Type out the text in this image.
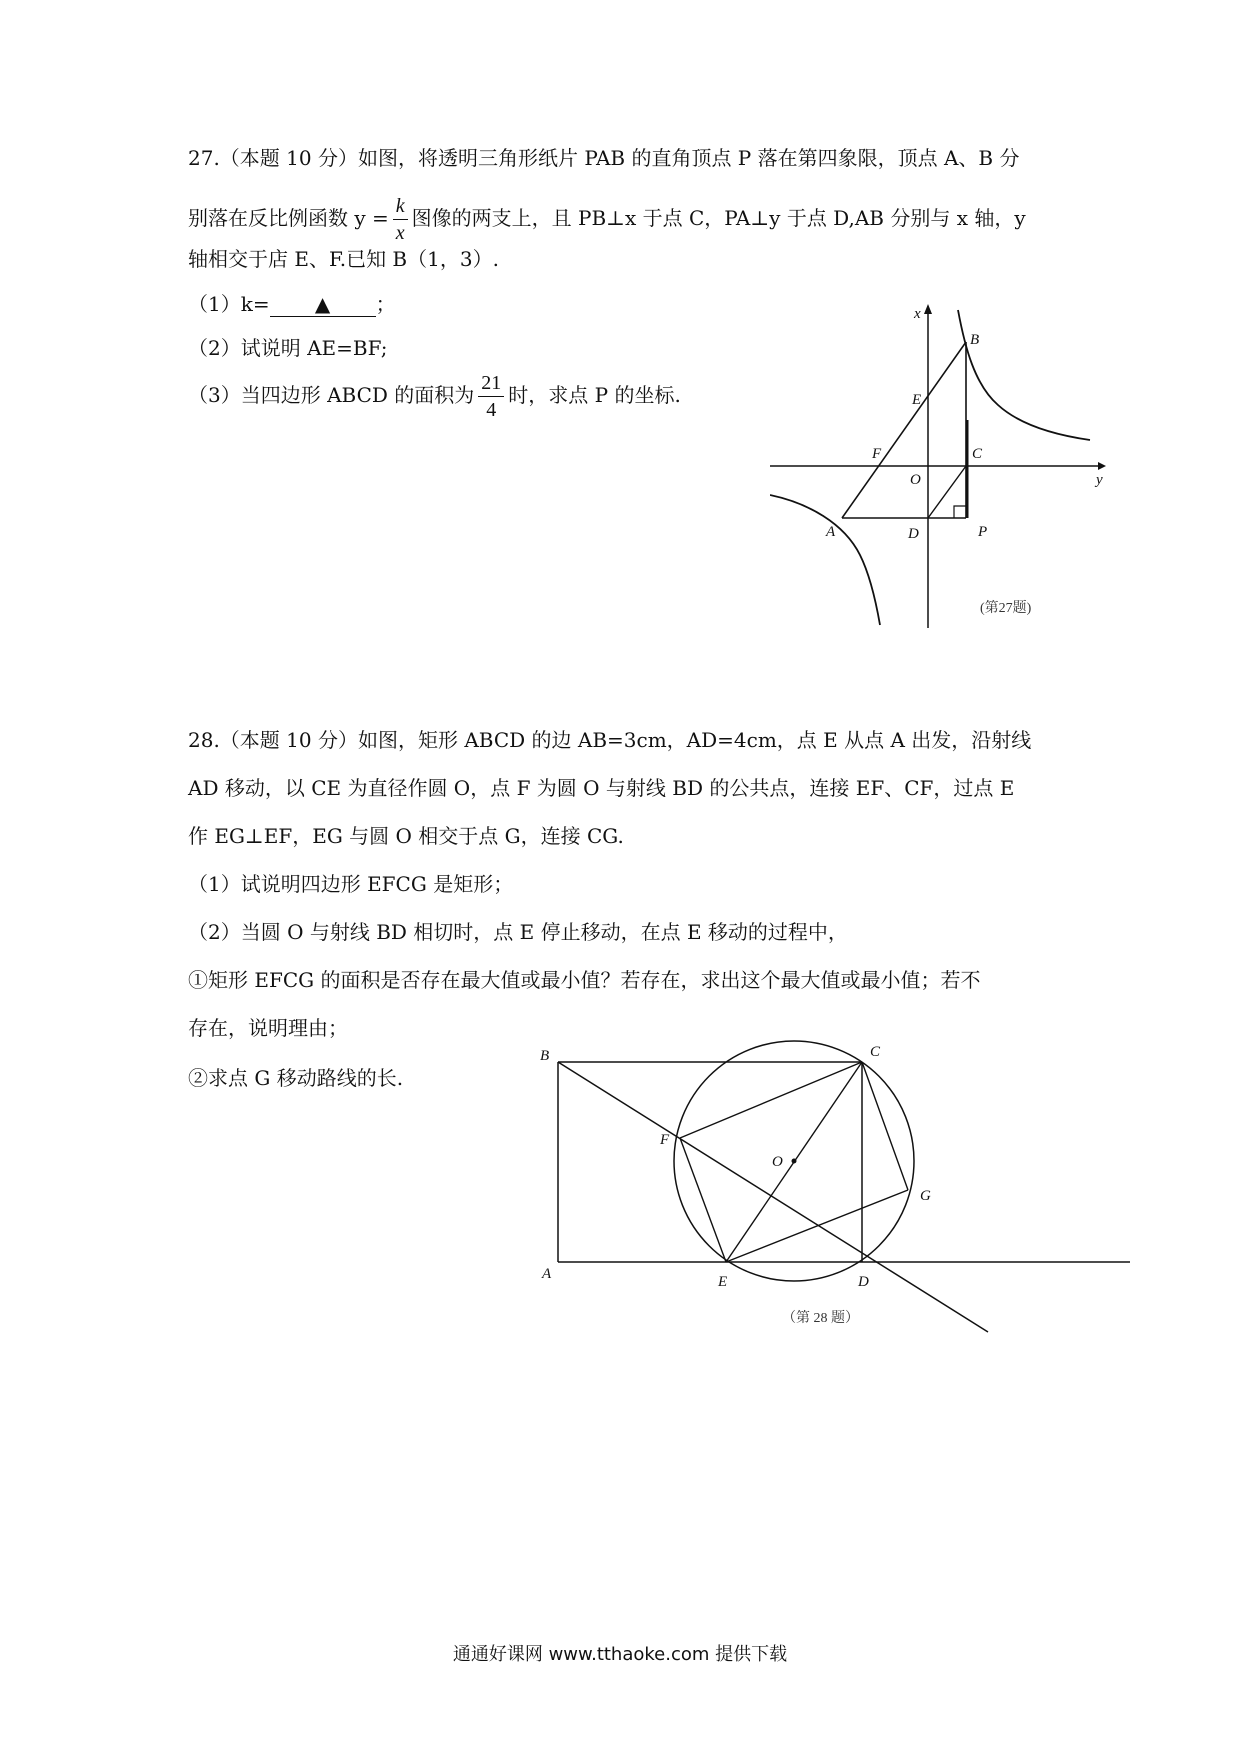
27.（本题 10 分）如图，将透明三角形纸片 PAB 的直角顶点 P 落在第四象限，顶点 A、B 分
别落在反比例函数 $y = \frac{k}{x}$ 图像的两支上，且 PB⊥x 于点 C，PA⊥y 于点 D,AB 分别与 x 轴，y
轴相交于店 E、F.已知 B（1，3）.
（1）k= ▲ ；
（2）试说明 AE=BF;
（3）当四边形 ABCD 的面积为 $\frac{21}{4}$ 时，求点 P 的坐标.
x
y
B
E
F	C
O
A	D	P
(第27题)
28.（本题 10 分）如图，矩形 ABCD 的边 AB=3cm，AD=4cm，点 E 从点 A 出发，沿射线
AD 移动，以 CE 为直径作圆 O，点 F 为圆 O 与射线 BD 的公共点，连接 EF、CF，过点 E
作 EG⊥EF，EG 与圆 O 相交于点 G，连接 CG.
（1）试说明四边形 EFCG 是矩形；
（2）当圆 O 与射线 BD 相切时，点 E 停止移动，在点 E 移动的过程中，
①矩形 EFCG 的面积是否存在最大值或最小值？若存在，求出这个最大值或最小值；若不
存在，说明理由；
②求点 G 移动路线的长.
B	C
F
O
G
A	E	D
（第 28 题）
通通好课网 www.tthaoke.com 提供下载
